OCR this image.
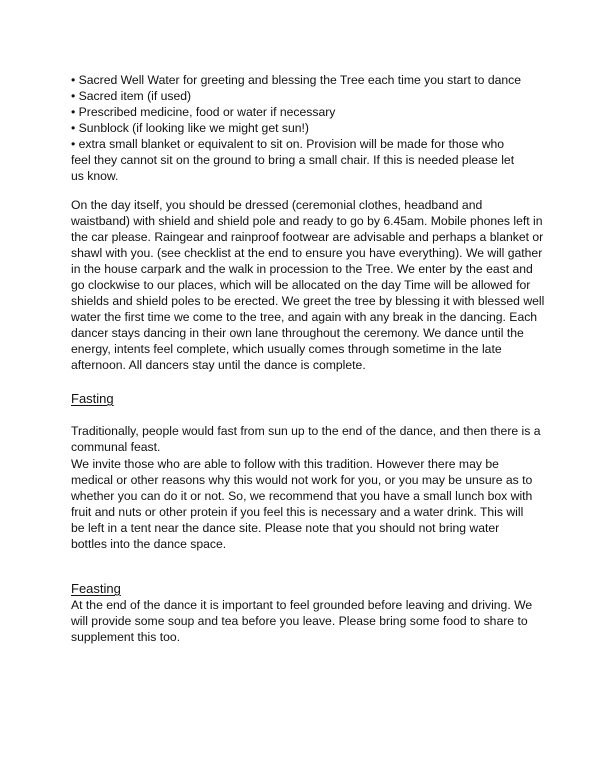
• Sacred Well Water for greeting and blessing the Tree each time you start to dance
• Sacred item (if used)
• Prescribed medicine, food or water if necessary
• Sunblock (if looking like we might get sun!)
• extra small blanket or equivalent to sit on. Provision will be made for those who
feel they cannot sit on the ground to bring a small chair. If this is needed please let
us know.
On the day itself, you should be dressed (ceremonial clothes, headband and
waistband) with shield and shield pole and ready to go by 6.45am. Mobile phones left in
the car please. Raingear and rainproof footwear are advisable and perhaps a blanket or
shawl with you. (see checklist at the end to ensure you have everything). We will gather
in the house carpark and the walk in procession to the Tree. We enter by the east and
go clockwise to our places, which will be allocated on the day Time will be allowed for
shields and shield poles to be erected. We greet the tree by blessing it with blessed well
water the first time we come to the tree, and again with any break in the dancing. Each
dancer stays dancing in their own lane throughout the ceremony. We dance until the
energy, intents feel complete, which usually comes through sometime in the late
afternoon. All dancers stay until the dance is complete.
Fasting
Traditionally, people would fast from sun up to the end of the dance, and then there is a
communal feast.
We invite those who are able to follow with this tradition. However there may be
medical or other reasons why this would not work for you, or you may be unsure as to
whether you can do it or not. So, we recommend that you have a small lunch box with
fruit and nuts or other protein if you feel this is necessary and a water drink. This will
be left in a tent near the dance site. Please note that you should not bring water
bottles into the dance space.
Feasting
At the end of the dance it is important to feel grounded before leaving and driving. We
will provide some soup and tea before you leave. Please bring some food to share to
supplement this too.
